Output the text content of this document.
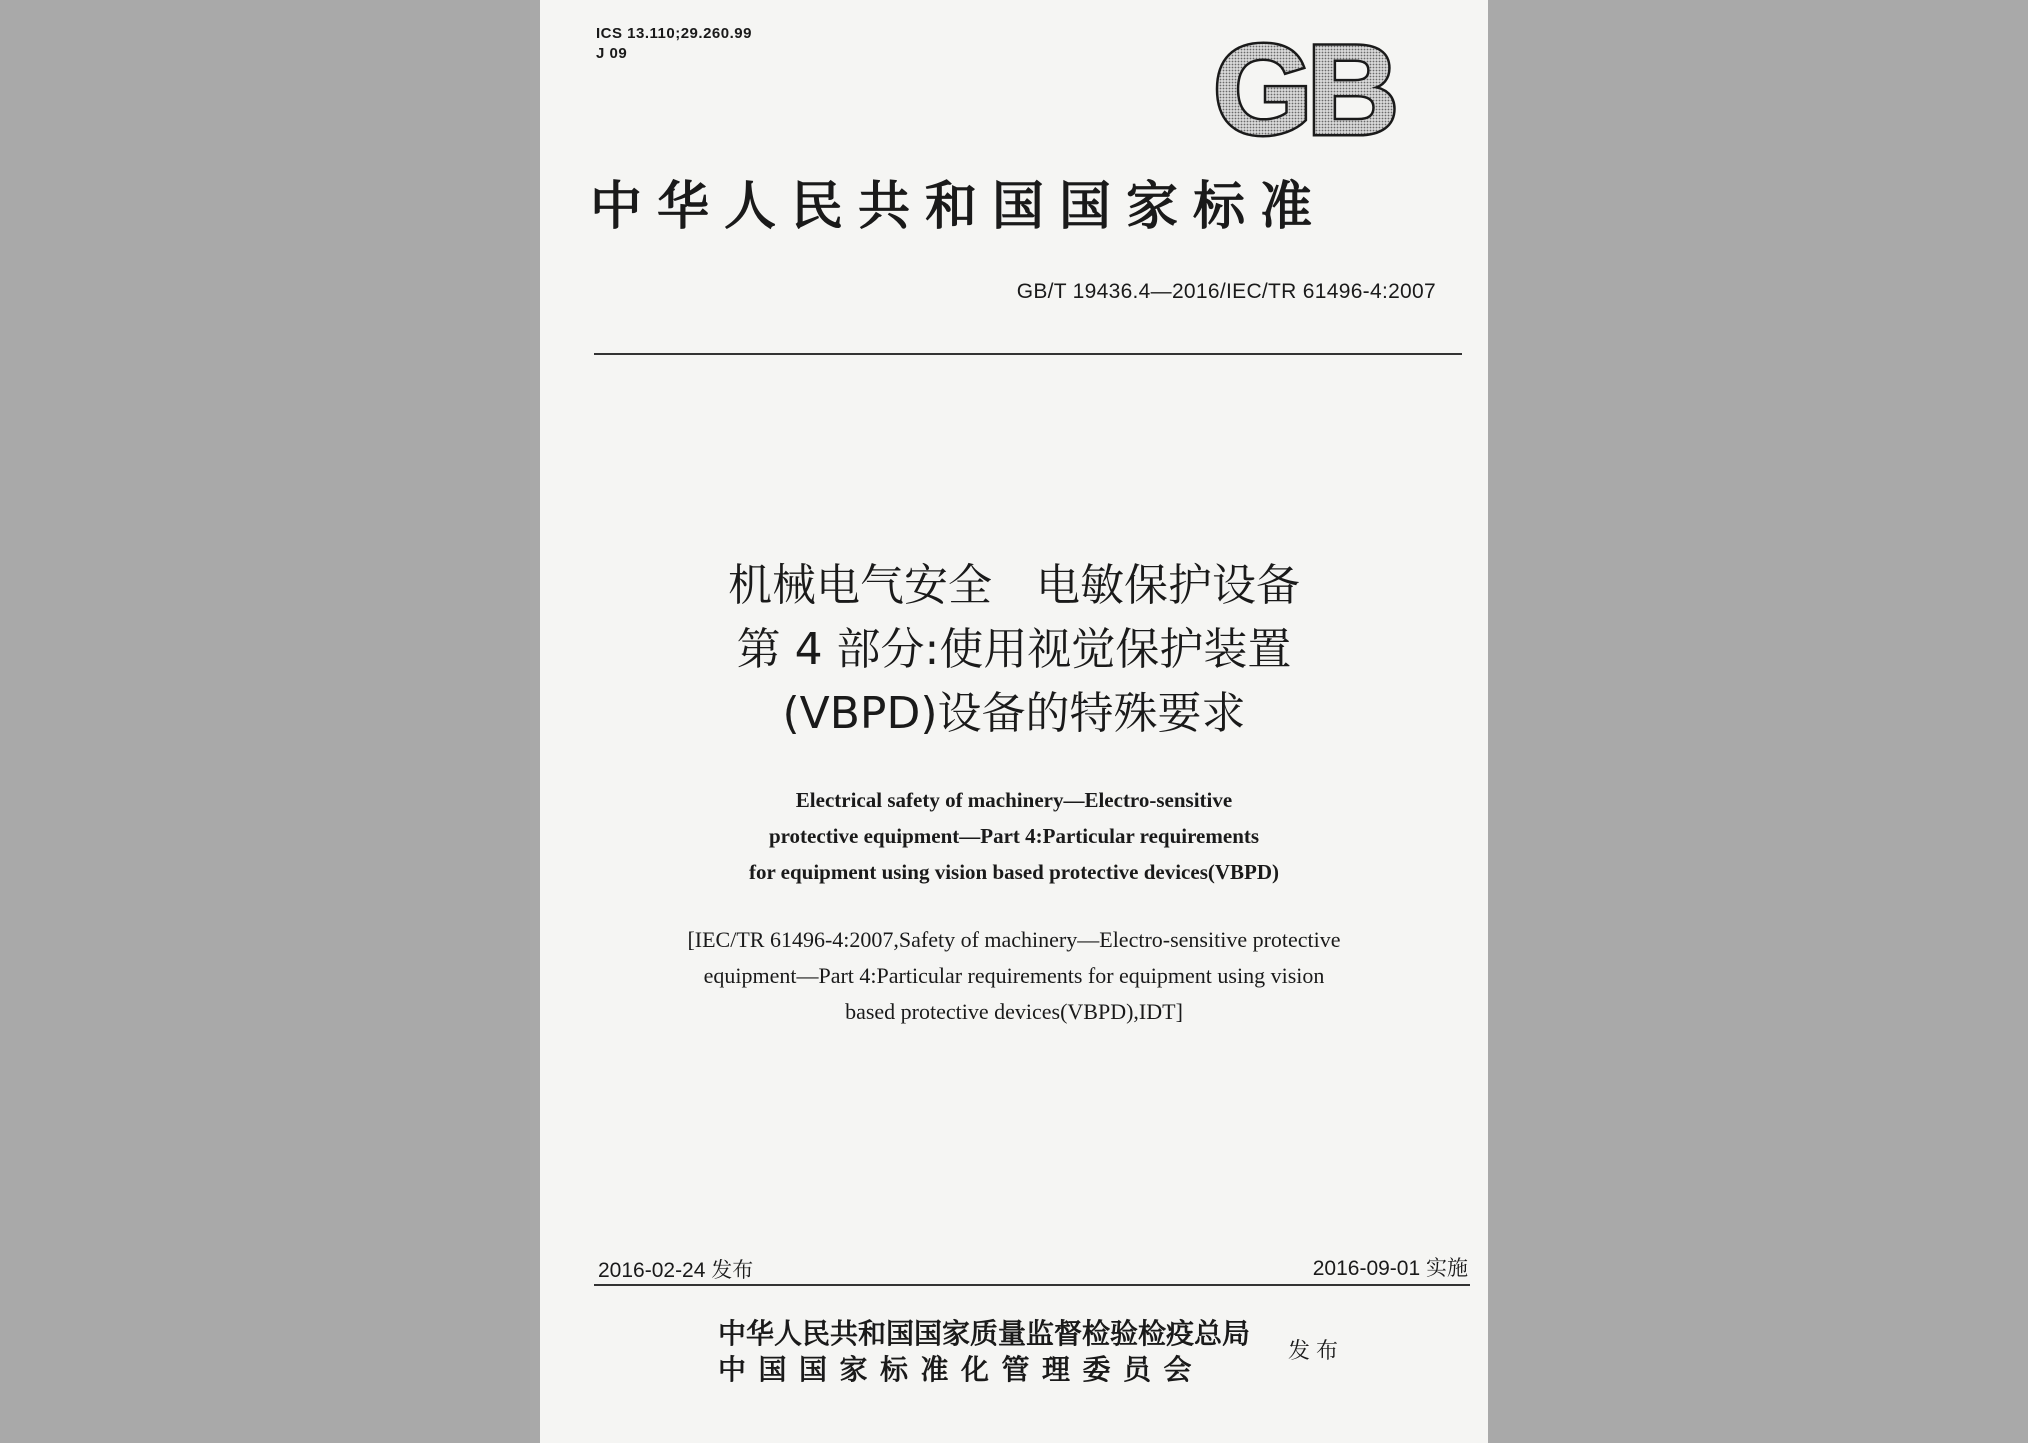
ICS 13.110;29.260.99
J 09	GB
中华人民共和国国家标准
GB/T 19436.4—2016/IEC/TR 61496-4:2007
机械电气安全　电敏保护设备
第 4 部分:使用视觉保护装置
(VBPD)设备的特殊要求
Electrical safety of machinery—Electro-sensitive
protective equipment—Part 4:Particular requirements
for equipment using vision based protective devices(VBPD)
[IEC/TR 61496-4:2007,Safety of machinery—Electro-sensitive protective
equipment—Part 4:Particular requirements for equipment using vision
based protective devices(VBPD),IDT]
2016-02-24 发布	2016-09-01 实施
中华人民共和国国家质量监督检验检疫总局
中国国家标准化管理委员会
发布
